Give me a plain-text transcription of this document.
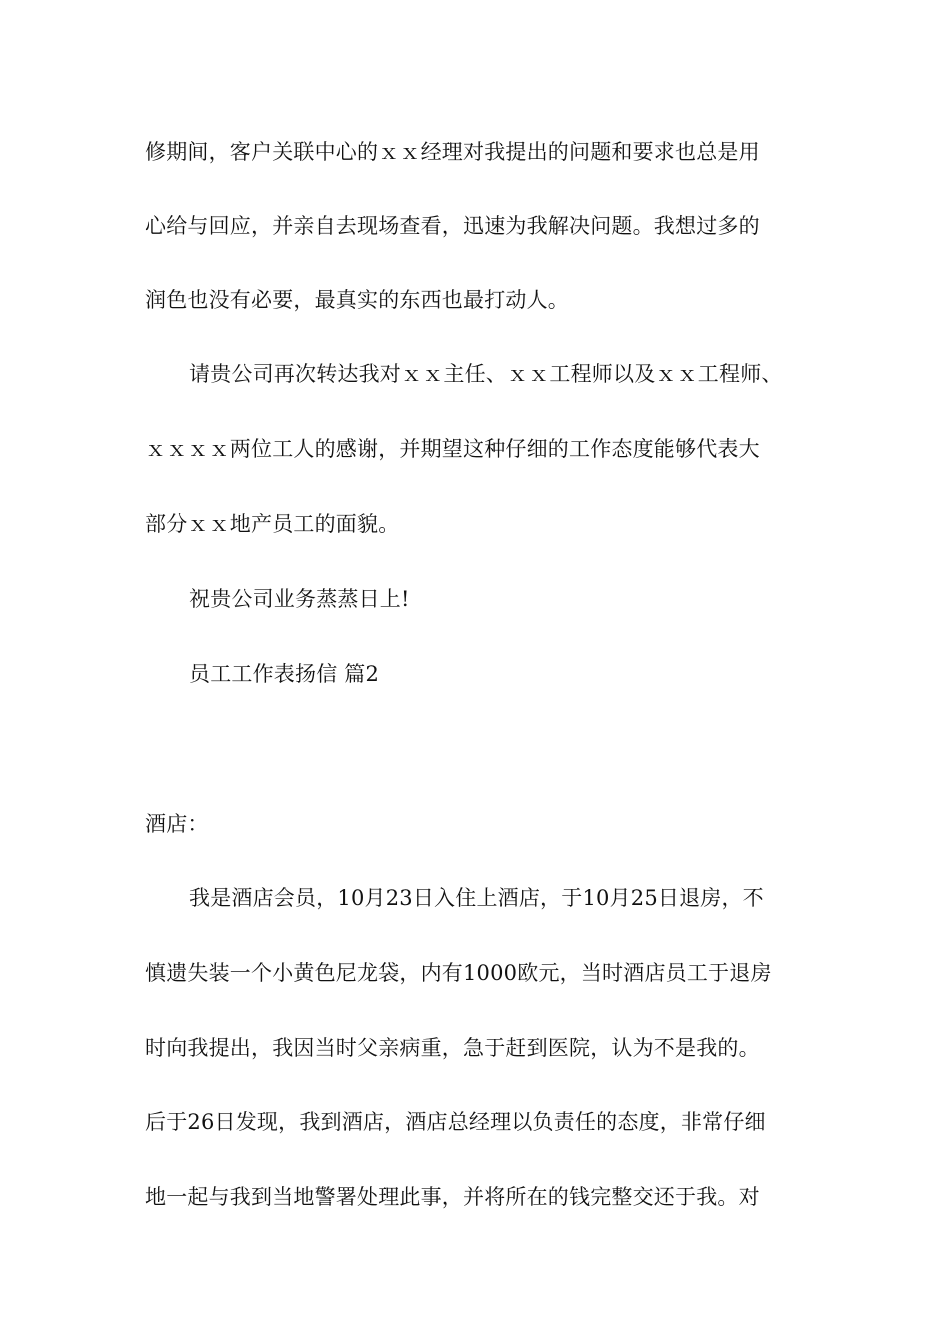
修期间，客户关联中心的ｘｘ经理对我提出的问题和要求也总是用
心给与回应，并亲自去现场查看，迅速为我解决问题。我想过多的
润色也没有必要，最真实的东西也最打动人。
请贵公司再次转达我对ｘｘ主任、ｘｘ工程师以及ｘｘ工程师、
ｘｘｘｘ两位工人的感谢，并期望这种仔细的工作态度能够代表大
部分ｘｘ地产员工的面貌。
祝贵公司业务蒸蒸日上!
员工工作表扬信 篇2
酒店：
我是酒店会员，10月23日入住上酒店，于10月25日退房，不
慎遗失装一个小黄色尼龙袋，内有1000欧元，当时酒店员工于退房
时向我提出，我因当时父亲病重，急于赶到医院，认为不是我的。
后于26日发现，我到酒店，酒店总经理以负责任的态度，非常仔细
地一起与我到当地警署处理此事，并将所在的钱完整交还于我。对
